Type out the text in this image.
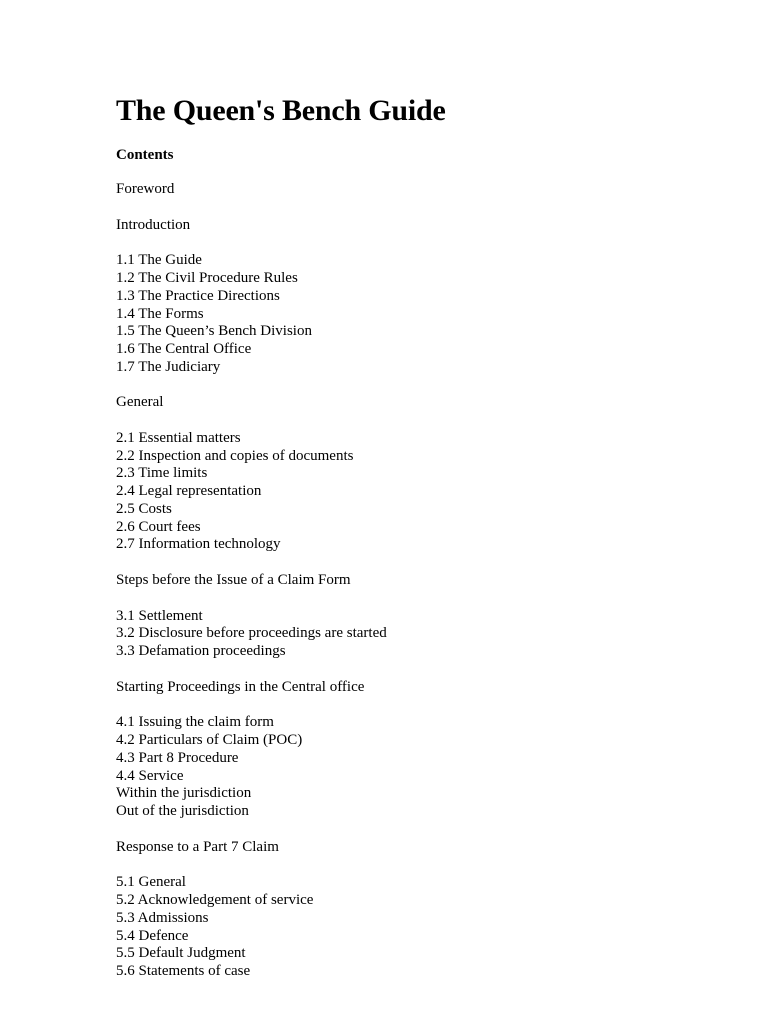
The Queen's Bench Guide
Contents
Foreword
Introduction
1.1 The Guide
1.2 The Civil Procedure Rules
1.3 The Practice Directions
1.4 The Forms
1.5 The Queen’s Bench Division
1.6 The Central Office
1.7 The Judiciary
General
2.1 Essential matters
2.2 Inspection and copies of documents
2.3 Time limits
2.4 Legal representation
2.5 Costs
2.6 Court fees
2.7 Information technology
Steps before the Issue of a Claim Form
3.1 Settlement
3.2 Disclosure before proceedings are started
3.3 Defamation proceedings
Starting Proceedings in the Central office
4.1 Issuing the claim form
4.2 Particulars of Claim (POC)
4.3 Part 8 Procedure
4.4 Service
Within the jurisdiction
Out of the jurisdiction
Response to a Part 7 Claim
5.1 General
5.2 Acknowledgement of service
5.3 Admissions
5.4 Defence
5.5 Default Judgment
5.6 Statements of case
